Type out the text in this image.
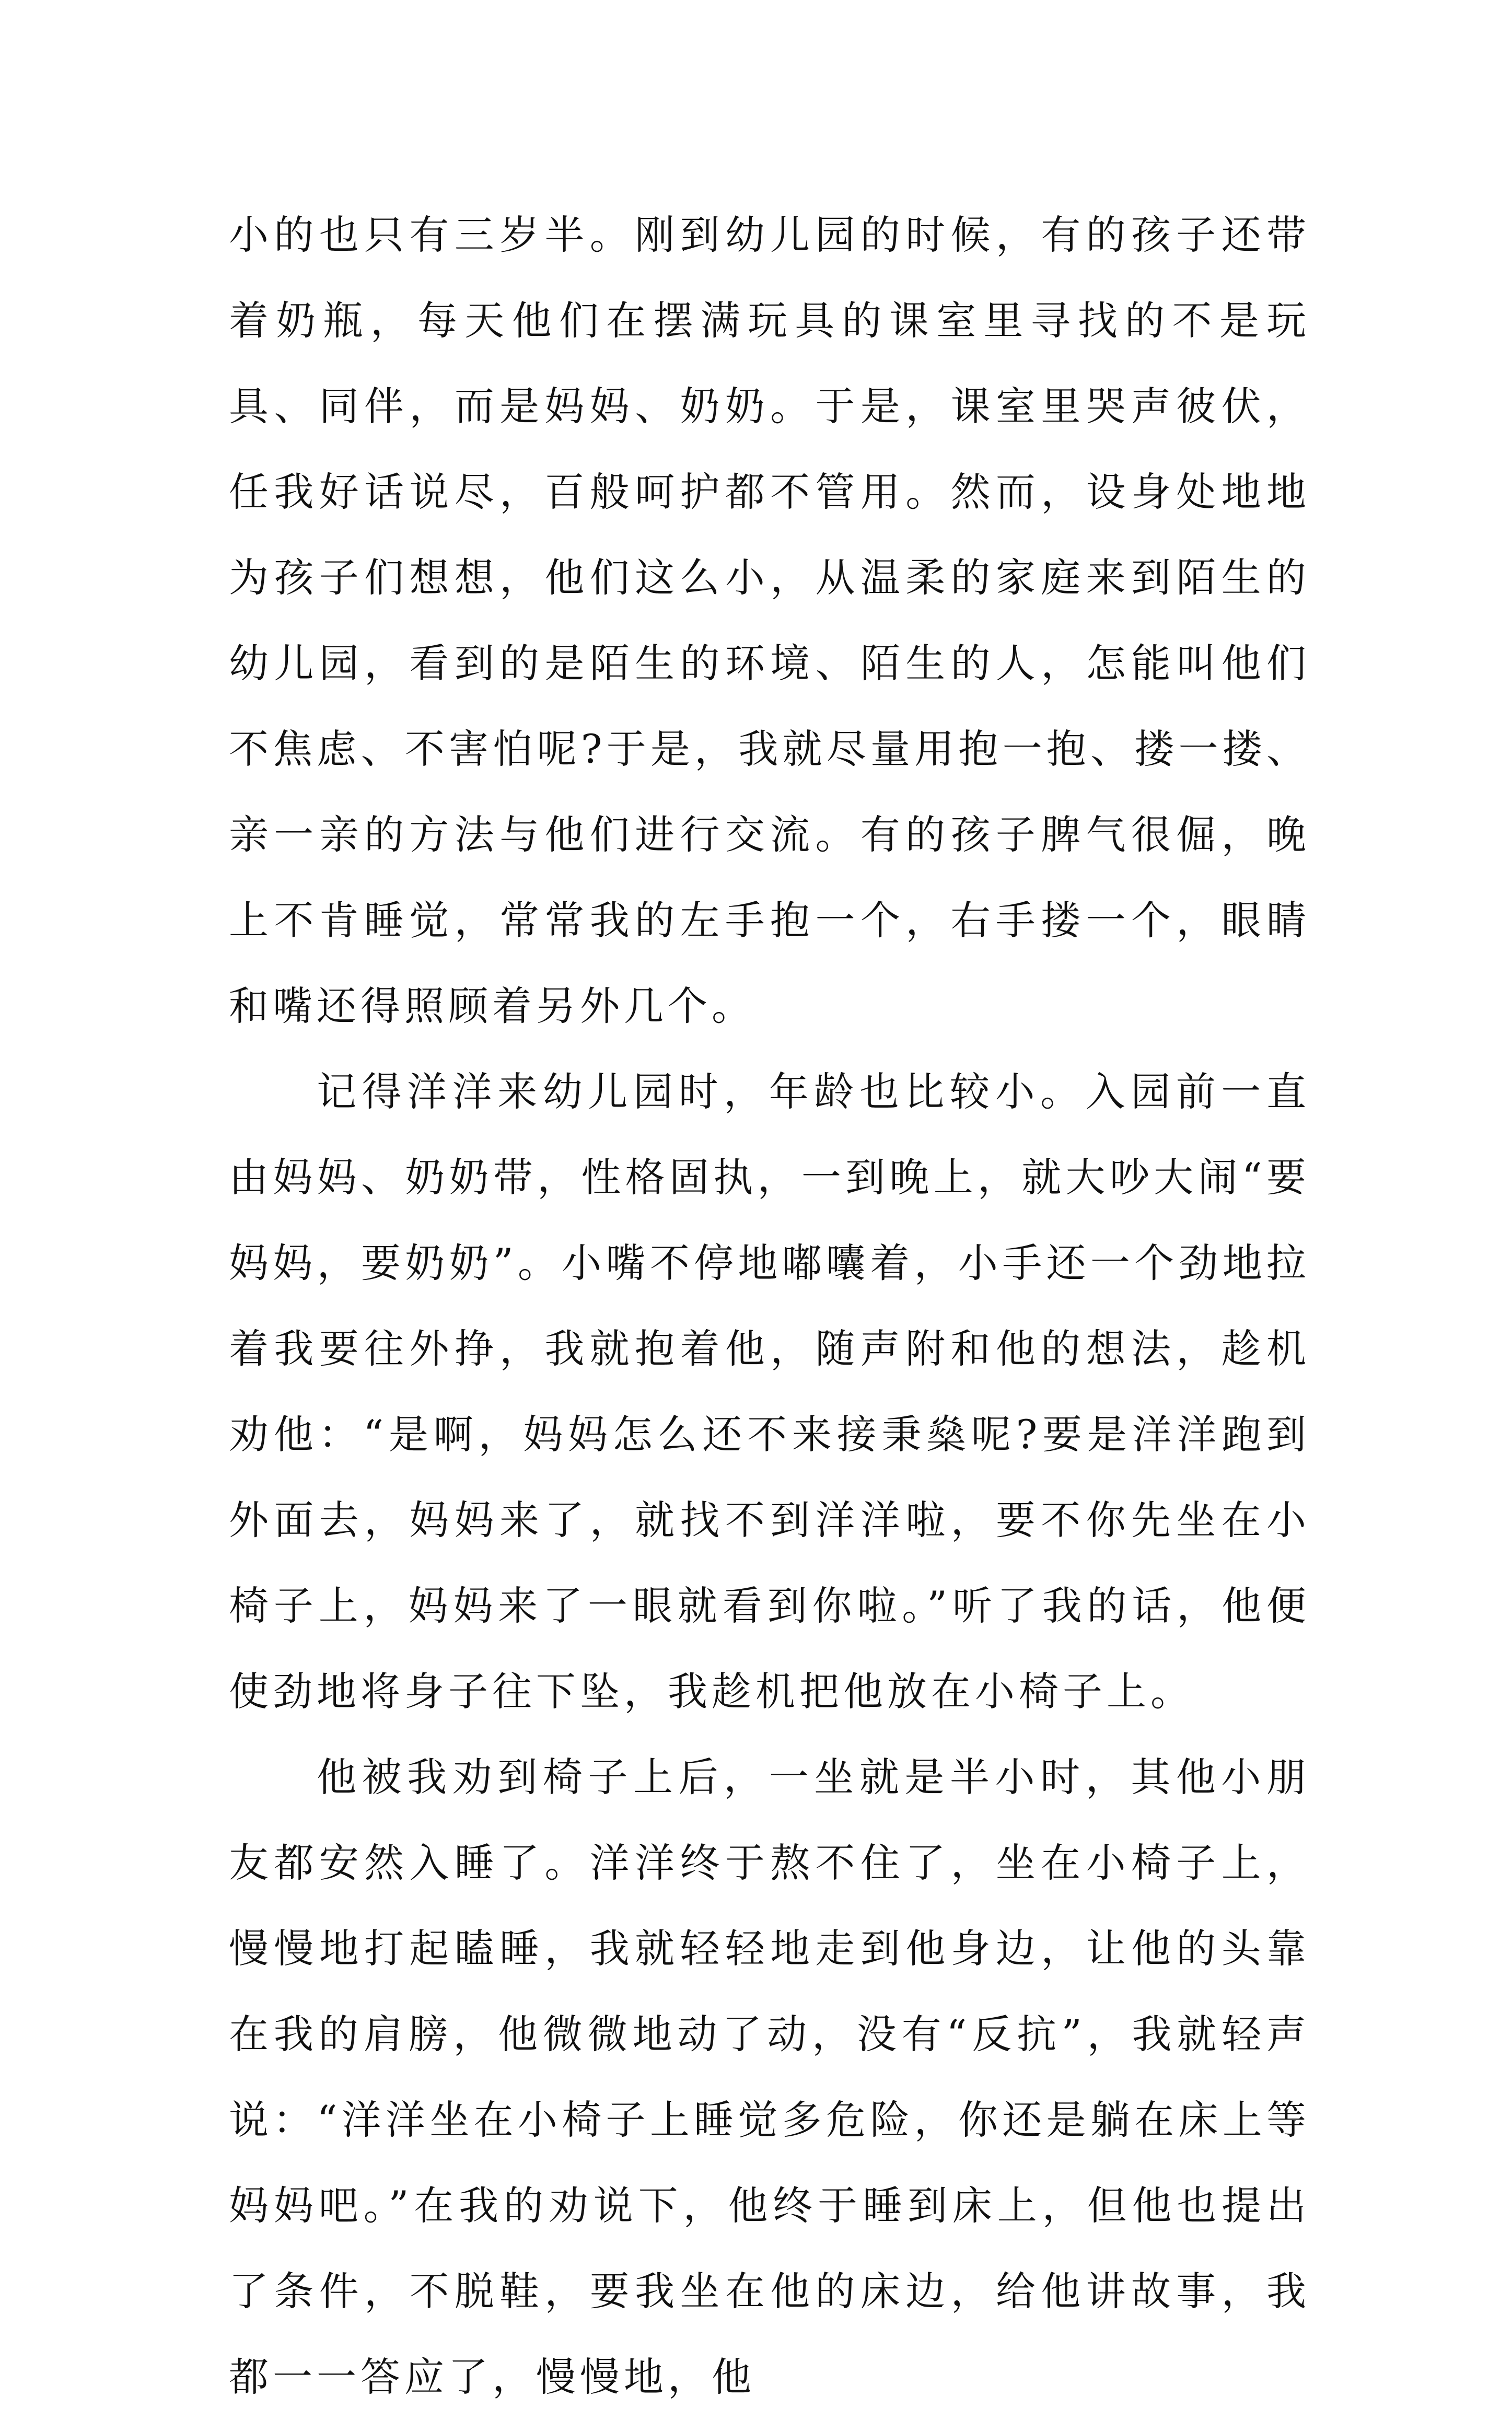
小的也只有三岁半。刚到幼儿园的时候，有的孩子还带着奶瓶，每天他们在摆满玩具的课室里寻找的不是玩具、同伴，而是妈妈、奶奶。于是，课室里哭声彼伏，任我好话说尽，百般呵护都不管用。然而，设身处地地为孩子们想想，他们这么小，从温柔的家庭来到陌生的幼儿园，看到的是陌生的环境、陌生的人，怎能叫他们不焦虑、不害怕呢?于是，我就尽量用抱一抱、搂一搂、亲一亲的方法与他们进行交流。有的孩子脾气很倔，晚上不肯睡觉，常常我的左手抱一个，右手搂一个，眼睛和嘴还得照顾着另外几个。

记得洋洋来幼儿园时，年龄也比较小。入园前一直由妈妈、奶奶带，性格固执，一到晚上，就大吵大闹“要妈妈，要奶奶”。小嘴不停地嘟囔着，小手还一个劲地拉着我要往外挣，我就抱着他，随声附和他的想法，趁机劝他：“是啊，妈妈怎么还不来接秉燊呢?要是洋洋跑到外面去，妈妈来了，就找不到洋洋啦，要不你先坐在小椅子上，妈妈来了一眼就看到你啦。”听了我的话，他便使劲地将身子往下坠，我趁机把他放在小椅子上。

他被我劝到椅子上后，一坐就是半小时，其他小朋友都安然入睡了。洋洋终于熬不住了，坐在小椅子上，慢慢地打起瞌睡，我就轻轻地走到他身边，让他的头靠在我的肩膀，他微微地动了动，没有“反抗”，我就轻声说：“洋洋坐在小椅子上睡觉多危险，你还是躺在床上等妈妈吧。”在我的劝说下，他终于睡到床上，但他也提出了条件，不脱鞋，要我坐在他的床边，给他讲故事，我都一一答应了，慢慢地，他
